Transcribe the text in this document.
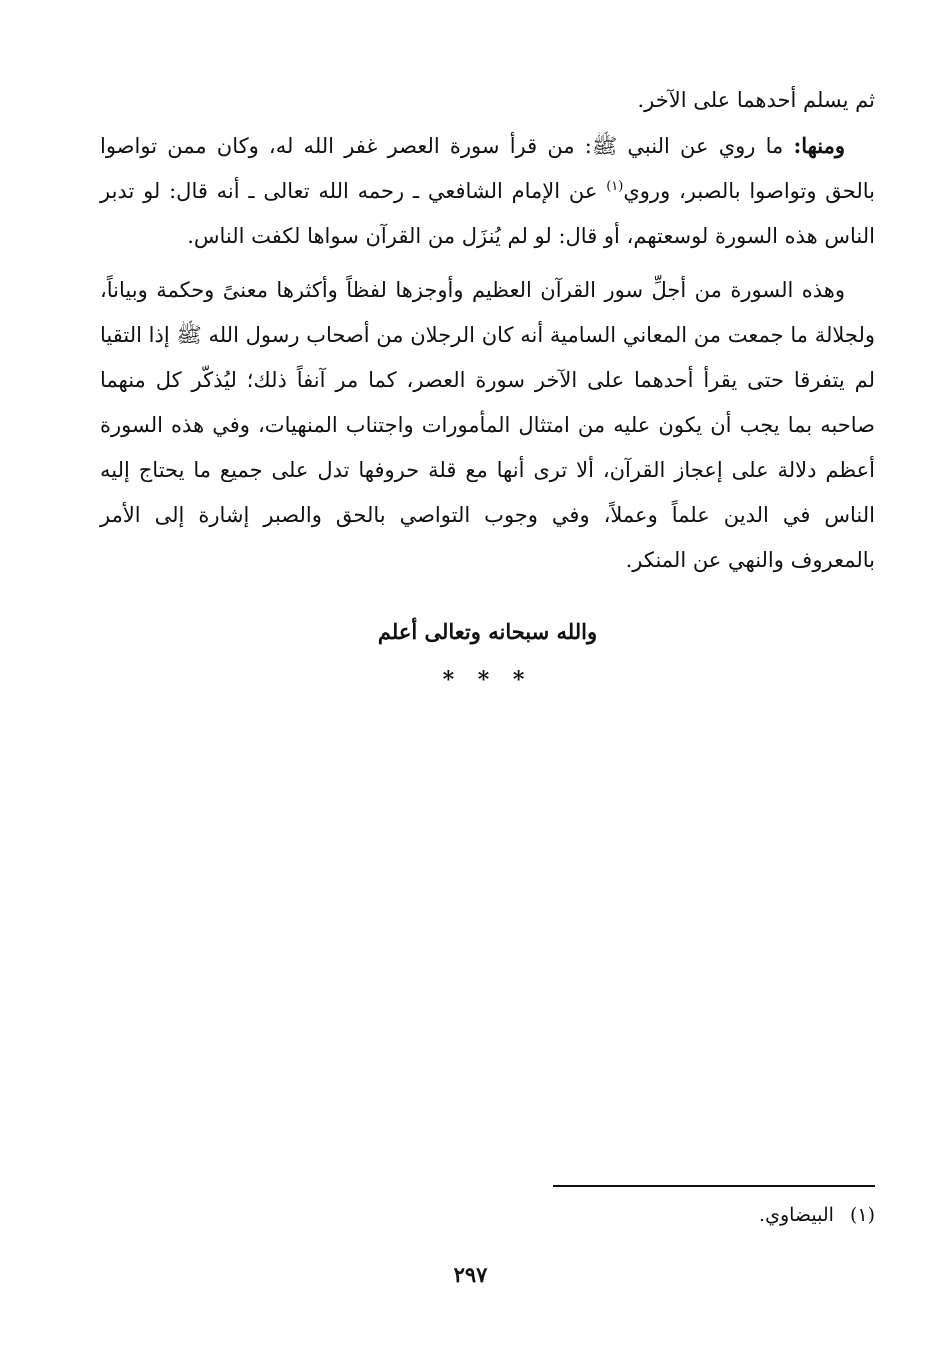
ثم يسلم أحدهما على الآخر.

ومنها: ما روي عن النبي ﷺ: من قرأ سورة العصر غفر الله له، وكان ممن تواصوا بالحق وتواصوا بالصبر، وروي$^{(١)}$ عن الإمام الشافعي ـ رحمه الله تعالى ـ أنه قال: لو تدبر الناس هذه السورة لوسعتهم، أو قال: لو لم يُنزَل من القرآن سواها لكفت الناس.

وهذه السورة من أجلِّ سور القرآن العظيم وأوجزها لفظاً وأكثرها معنىً وحكمة وبياناً، ولجلالة ما جمعت من المعاني السامية أنه كان الرجلان من أصحاب رسول الله ﷺ إذا التقيا لم يتفرقا حتى يقرأ أحدهما على الآخر سورة العصر، كما مر آنفاً ذلك؛ ليُذكّر كل منهما صاحبه بما يجب أن يكون عليه من امتثال المأمورات واجتناب المنهيات، وفي هذه السورة أعظم دلالة على إعجاز القرآن، ألا ترى أنها مع قلة حروفها تدل على جميع ما يحتاج إليه الناس في الدين علماً وعملاً، وفي وجوب التواصي بالحق والصبر إشارة إلى الأمر بالمعروف والنهي عن المنكر.

والله سبحانه وتعالى أعلم
* * *
(١)البيضاوي.
٢٩٧
